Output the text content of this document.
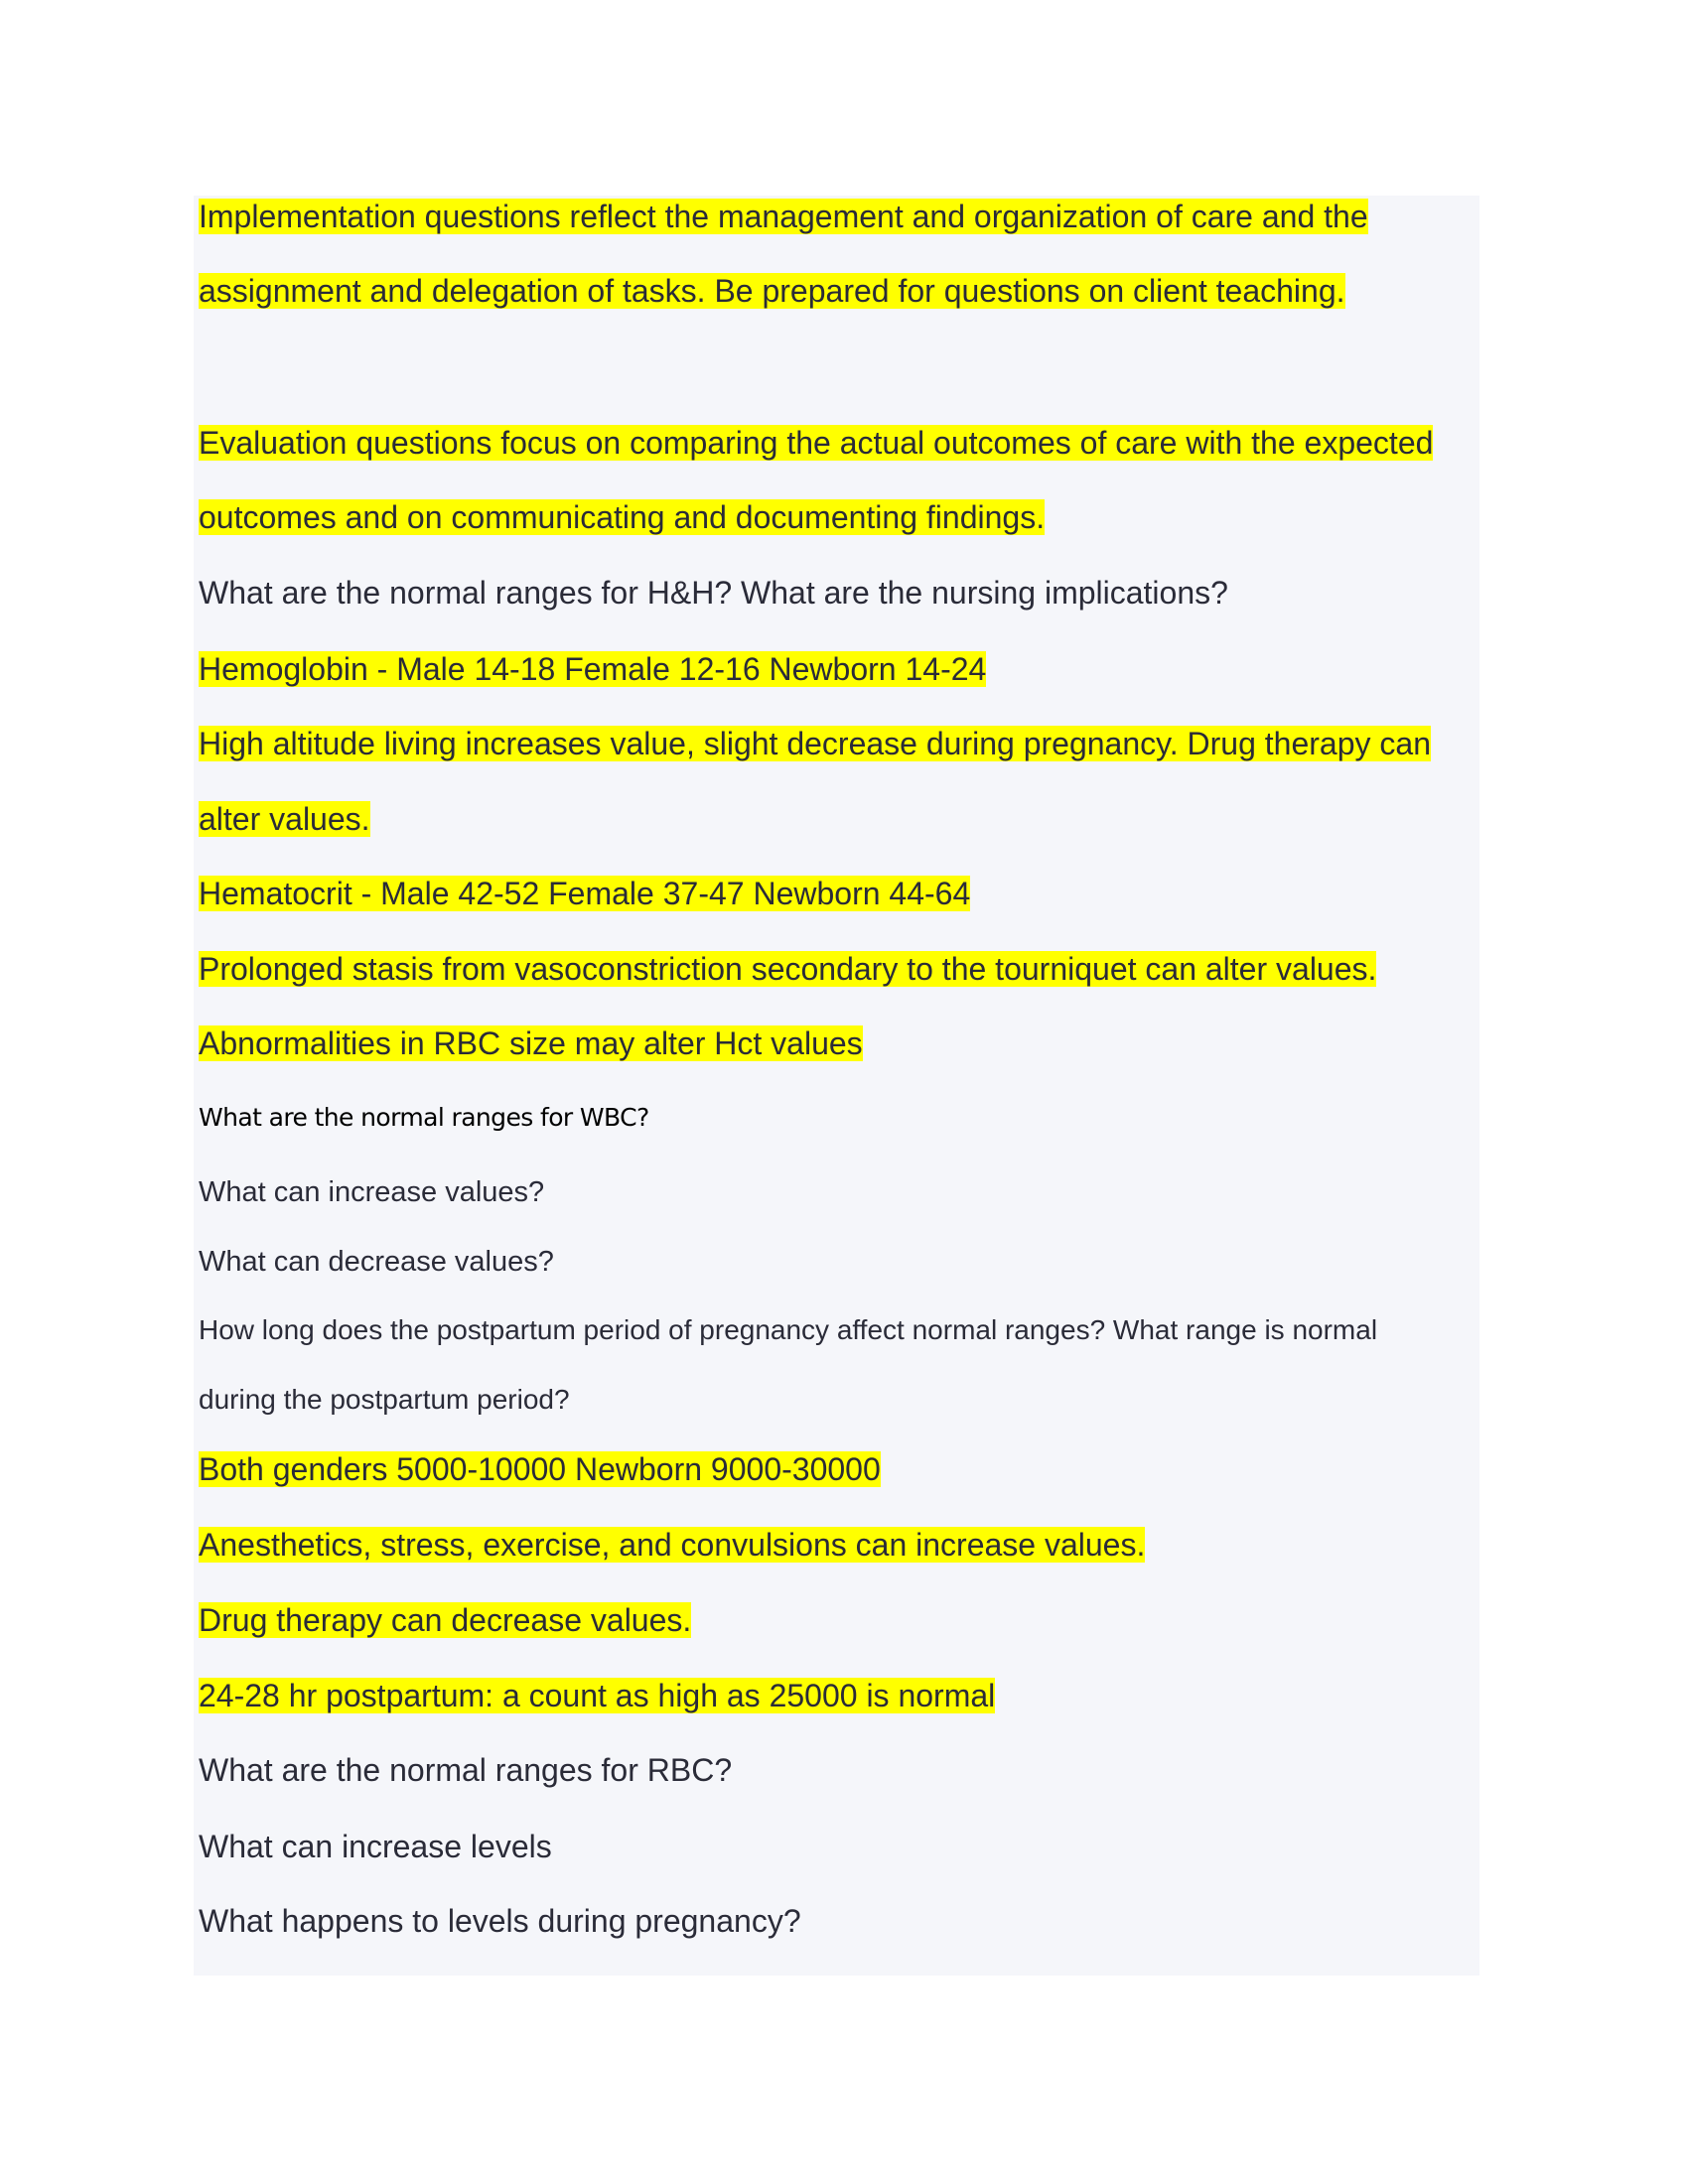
Implementation questions reflect the management and organization of care and the
assignment and delegation of tasks. Be prepared for questions on client teaching.
Evaluation questions focus on comparing the actual outcomes of care with the expected
outcomes and on communicating and documenting findings.
What are the normal ranges for H&H? What are the nursing implications?
Hemoglobin - Male 14-18 Female 12-16 Newborn 14-24
High altitude living increases value, slight decrease during pregnancy. Drug therapy can
alter values.
Hematocrit - Male 42-52 Female 37-47 Newborn 44-64
Prolonged stasis from vasoconstriction secondary to the tourniquet can alter values.
Abnormalities in RBC size may alter Hct values
What are the normal ranges for WBC?
What can increase values?
What can decrease values?
How long does the postpartum period of pregnancy affect normal ranges? What range is normal
during the postpartum period?
Both genders 5000-10000 Newborn 9000-30000
Anesthetics, stress, exercise, and convulsions can increase values.
Drug therapy can decrease values.
24-28 hr postpartum: a count as high as 25000 is normal
What are the normal ranges for RBC?
What can increase levels
What happens to levels during pregnancy?
